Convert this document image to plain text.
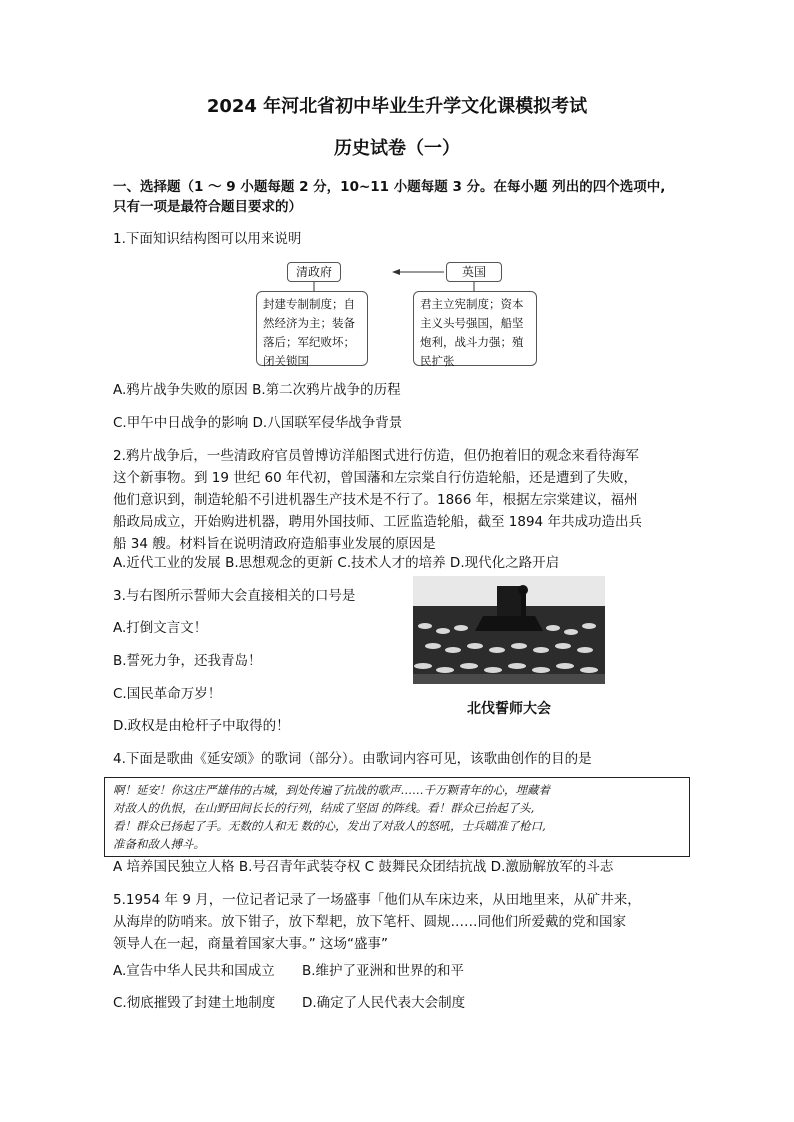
2024 年河北省初中毕业生升学文化课模拟考试
历史试卷（一）
一、选择题（1 ～ 9 小题每题 2 分，10~11 小题每题 3 分。在每小题 列出的四个选项中,
只有一项是最符合题目要求的）
1.下面知识结构图可以用来说明
清政府	英国
封建专制制度；自
然经济为主；装备
落后；军纪败坏；
闭关锁国
君主立宪制度；资本
主义头号强国，船坚
炮利，战斗力强；殖
民扩张
A.鸦片战争失败的原因 B.第二次鸦片战争的历程
C.甲午中日战争的影响 D.八国联军侵华战争背景
2.鸦片战争后，一些清政府官员曾博访洋船图式进行仿造，但仍抱着旧的观念来看待海军
这个新事物。到 19 世纪 60 年代初，曾国藩和左宗棠自行仿造轮船，还是遭到了失败，
他们意识到，制造轮船不引进机器生产技术是不行了。1866 年，根据左宗棠建议，福州
船政局成立，开始购进机器，聘用外国技师、工匠监造轮船，截至 1894 年共成功造出兵
船 34 艘。材料旨在说明清政府造船事业发展的原因是
A.近代工业的发展 B.思想观念的更新 C.技术人才的培养 D.现代化之路开启
3.与右图所示誓师大会直接相关的口号是
A.打倒文言文！
B.誓死力争，还我青岛！
C.国民革命万岁！
D.政权是由枪杆子中取得的！
北伐誓师大会
4.下面是歌曲《延安颂》的歌词（部分）。由歌词内容可见，该歌曲创作的目的是
啊！延安！你这庄严雄伟的古城，到处传遍了抗战的歌声……千万颗青年的心，埋藏着
对敌人的仇恨，在山野田间长长的行列，结成了坚固 的阵线。看！群众已抬起了头,
看！群众已扬起了手。无数的人和无 数的心，发出了对敌人的怒吼，士兵瞄准了枪口,
准备和敌人搏斗。
A 培养国民独立人格 B.号召青年武装夺权 C 鼓舞民众团结抗战 D.激励解放军的斗志
5.1954 年 9 月，一位记者记录了一场盛事「他们从车床边来，从田地里来，从矿井来，
从海岸的防哨来。放下钳子，放下犁耙，放下笔杆、圆规……同他们所爱戴的党和国家
领导人在一起，商量着国家大事。” 这场“盛事”
A.宣告中华人民共和国成立 B.维护了亚洲和世界的和平
C.彻底摧毁了封建土地制度 D.确定了人民代表大会制度
